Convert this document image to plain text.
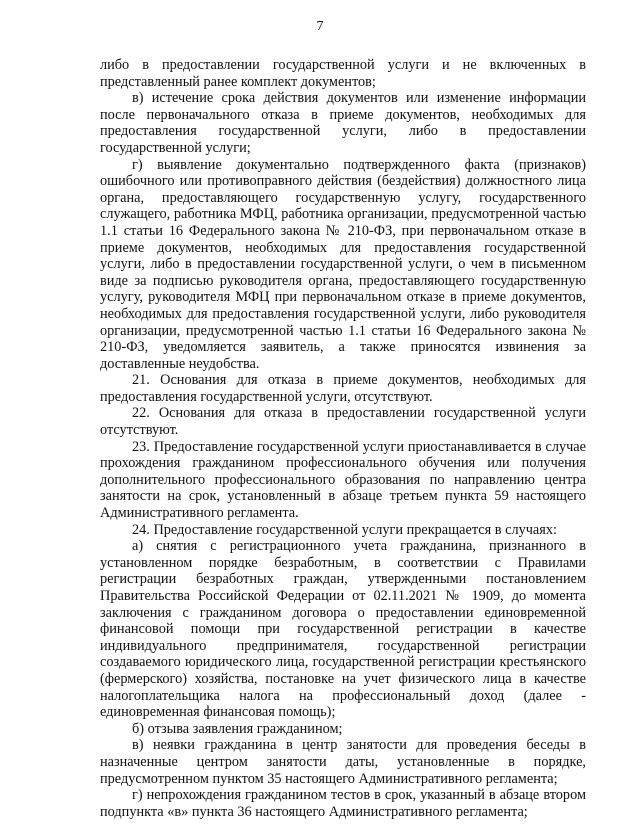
7

либо в предоставлении государственной услуги и не включенных в представленный ранее комплект документов;

в) истечение срока действия документов или изменение информации после первоначального отказа в приеме документов, необходимых для предоставления государственной услуги, либо в предоставлении государственной услуги;

г) выявление документально подтвержденного факта (признаков) ошибочного или противоправного действия (бездействия) должностного лица органа, предоставляющего государственную услугу, государственного служащего, работника МФЦ, работника организации, предусмотренной частью 1.1 статьи 16 Федерального закона № 210-ФЗ, при первоначальном отказе в приеме документов, необходимых для предоставления государственной услуги, либо в предоставлении государственной услуги, о чем в письменном виде за подписью руководителя органа, предоставляющего государственную услугу, руководителя МФЦ при первоначальном отказе в приеме документов, необходимых для предоставления государственной услуги, либо руководителя организации, предусмотренной частью 1.1 статьи 16 Федерального закона № 210-ФЗ, уведомляется заявитель, а также приносятся извинения за доставленные неудобства.

21. Основания для отказа в приеме документов, необходимых для предоставления государственной услуги, отсутствуют.

22. Основания для отказа в предоставлении государственной услуги отсутствуют.

23. Предоставление государственной услуги приостанавливается в случае прохождения гражданином профессионального обучения или получения дополнительного профессионального образования по направлению центра занятости на срок, установленный в абзаце третьем пункта 59 настоящего Административного регламента.

24. Предоставление государственной услуги прекращается в случаях:

а) снятия с регистрационного учета гражданина, признанного в установленном порядке безработным, в соответствии с Правилами регистрации безработных граждан, утвержденными постановлением Правительства Российской Федерации от 02.11.2021 № 1909, до момента заключения с гражданином договора о предоставлении единовременной финансовой помощи при государственной регистрации в качестве индивидуального предпринимателя, государственной регистрации создаваемого юридического лица, государственной регистрации крестьянского (фермерского) хозяйства, постановке на учет физического лица в качестве налогоплательщика налога на профессиональный доход (далее - единовременная финансовая помощь);

б) отзыва заявления гражданином;

в) неявки гражданина в центр занятости для проведения беседы в назначенные центром занятости даты, установленные в порядке, предусмотренном пунктом 35 настоящего Административного регламента;

г) непрохождения гражданином тестов в срок, указанный в абзаце втором подпункта «в» пункта 36 настоящего Административного регламента;
